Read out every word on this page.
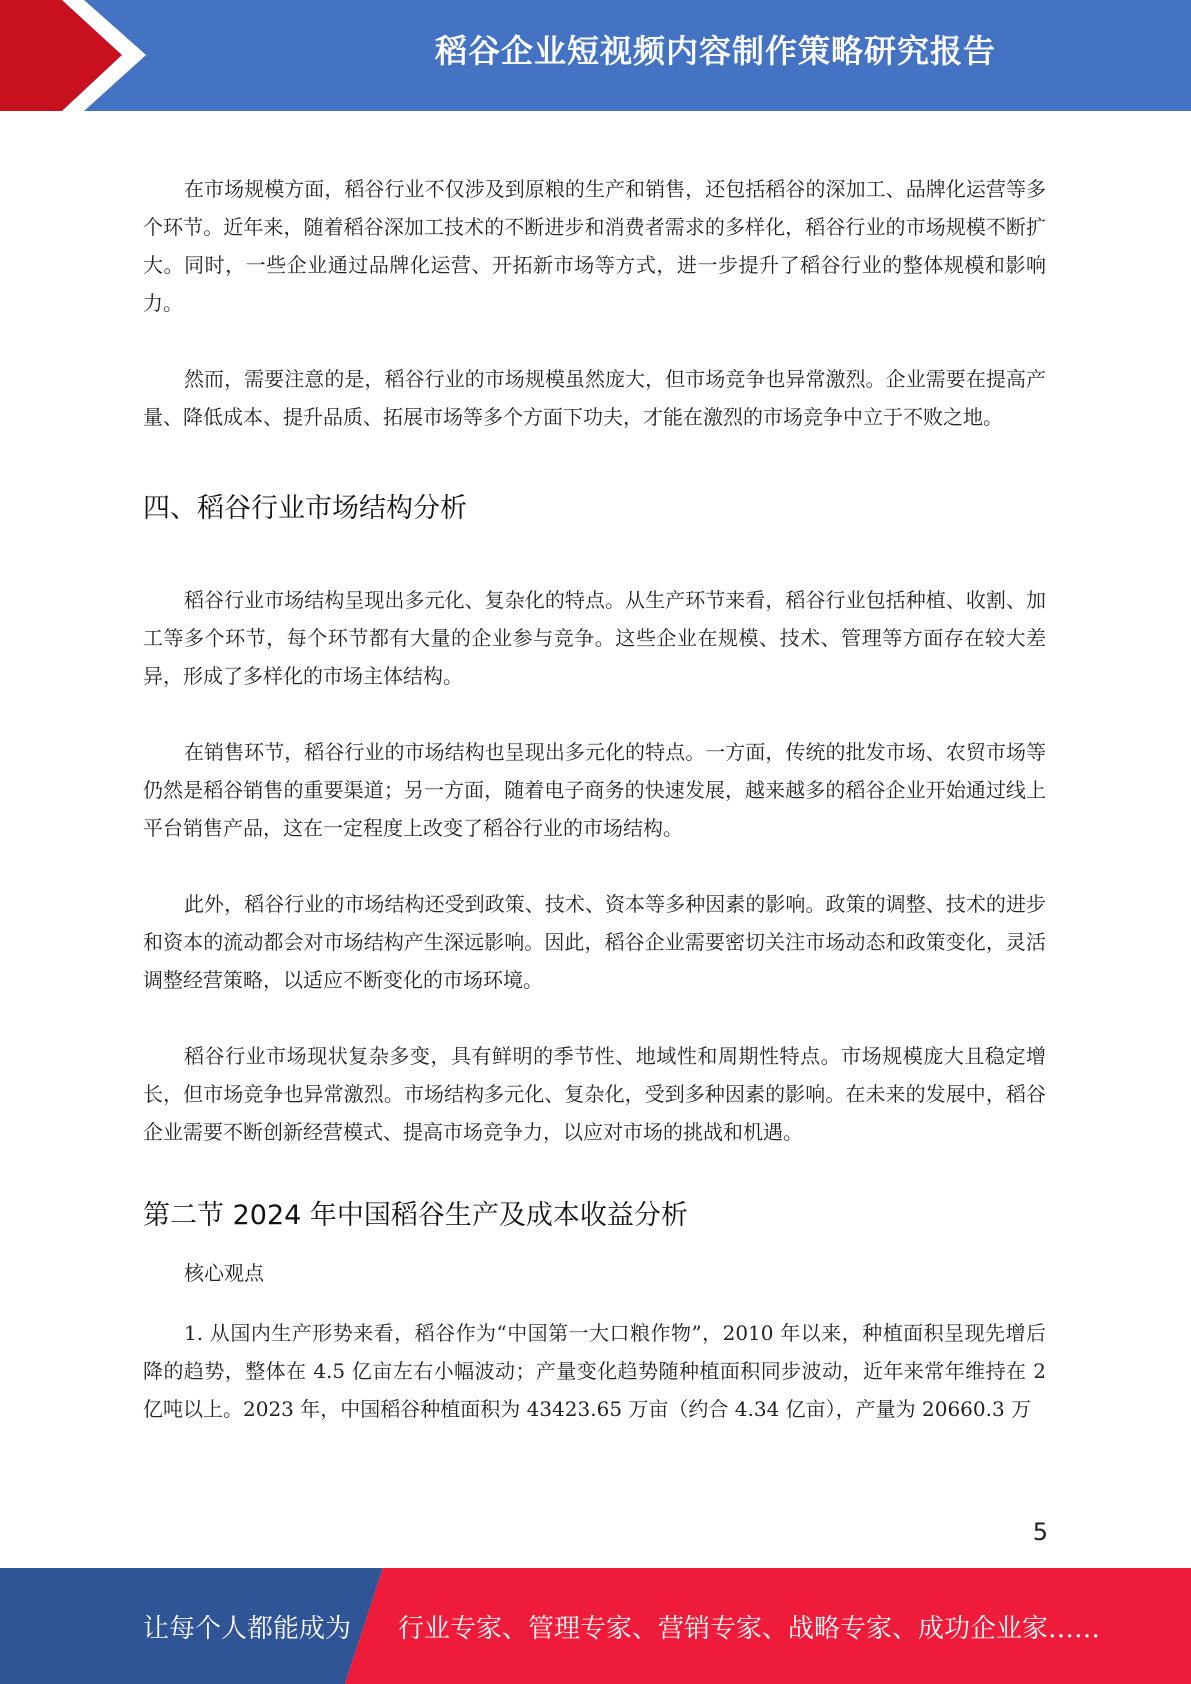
稻谷企业短视频内容制作策略研究报告

在市场规模方面，稻谷行业不仅涉及到原粮的生产和销售，还包括稻谷的深加工、品牌化运营等多个环节。近年来，随着稻谷深加工技术的不断进步和消费者需求的多样化，稻谷行业的市场规模不断扩大。同时，一些企业通过品牌化运营、开拓新市场等方式，进一步提升了稻谷行业的整体规模和影响力。

然而，需要注意的是，稻谷行业的市场规模虽然庞大，但市场竞争也异常激烈。企业需要在提高产量、降低成本、提升品质、拓展市场等多个方面下功夫，才能在激烈的市场竞争中立于不败之地。

四、稻谷行业市场结构分析

稻谷行业市场结构呈现出多元化、复杂化的特点。从生产环节来看，稻谷行业包括种植、收割、加工等多个环节，每个环节都有大量的企业参与竞争。这些企业在规模、技术、管理等方面存在较大差异，形成了多样化的市场主体结构。

在销售环节，稻谷行业的市场结构也呈现出多元化的特点。一方面，传统的批发市场、农贸市场等仍然是稻谷销售的重要渠道；另一方面，随着电子商务的快速发展，越来越多的稻谷企业开始通过线上平台销售产品，这在一定程度上改变了稻谷行业的市场结构。

此外，稻谷行业的市场结构还受到政策、技术、资本等多种因素的影响。政策的调整、技术的进步和资本的流动都会对市场结构产生深远影响。因此，稻谷企业需要密切关注市场动态和政策变化，灵活调整经营策略，以适应不断变化的市场环境。

稻谷行业市场现状复杂多变，具有鲜明的季节性、地域性和周期性特点。市场规模庞大且稳定增长，但市场竞争也异常激烈。市场结构多元化、复杂化，受到多种因素的影响。在未来的发展中，稻谷企业需要不断创新经营模式、提高市场竞争力，以应对市场的挑战和机遇。

第二节 2024 年中国稻谷生产及成本收益分析

核心观点

1. 从国内生产形势来看，稻谷作为“中国第一大口粮作物”，2010 年以来，种植面积呈现先增后降的趋势，整体在 4.5 亿亩左右小幅波动；产量变化趋势随种植面积同步波动，近年来常年维持在 2 亿吨以上。2023 年，中国稻谷种植面积为 43423.65 万亩（约合 4.34 亿亩），产量为 20660.3 万

5
让每个人都能成为 行业专家、管理专家、营销专家、战略专家、成功企业家……
